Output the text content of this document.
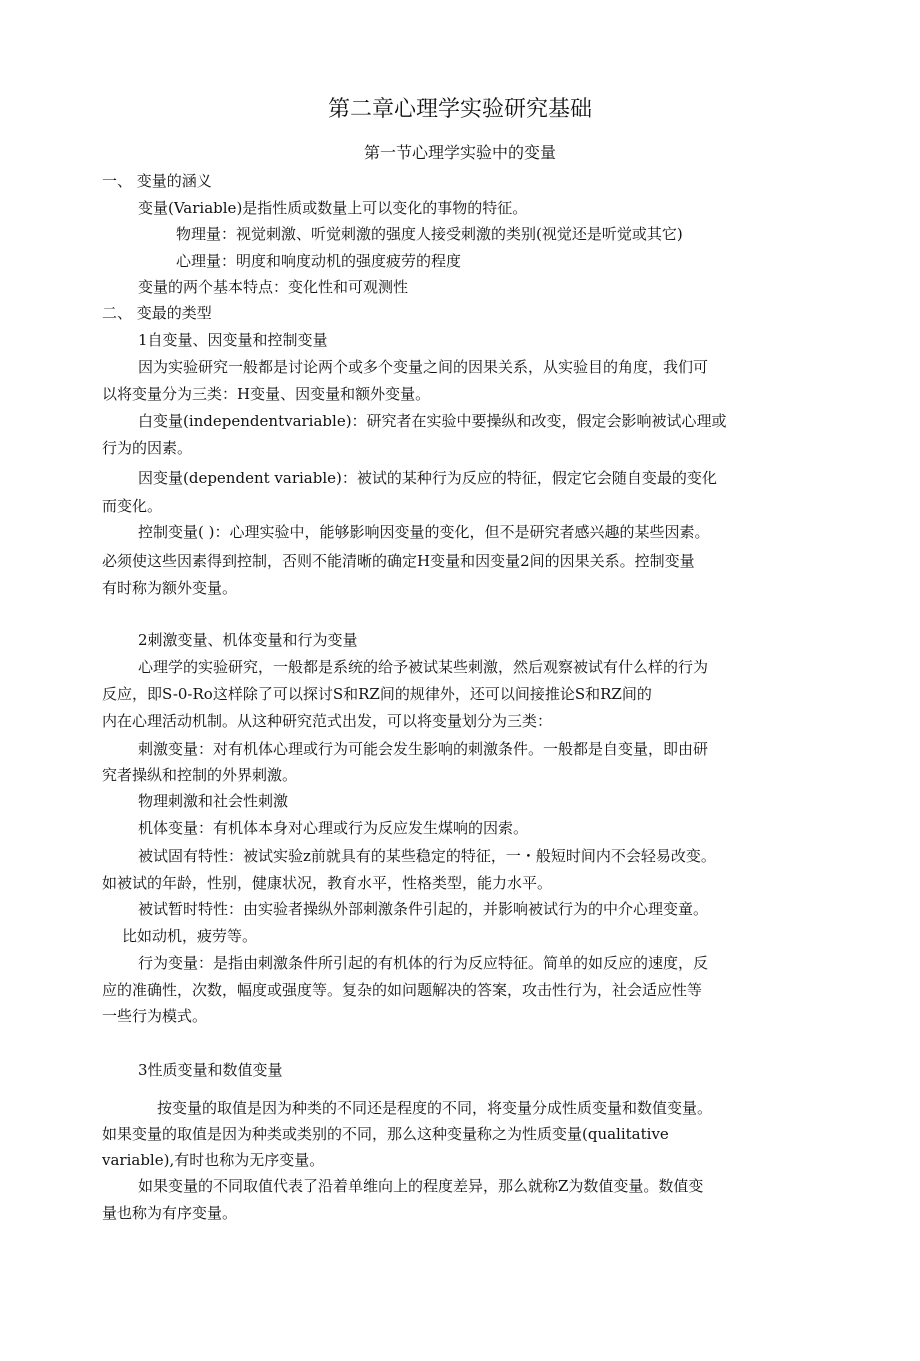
第二章心理学实验研究基础
第一节心理学实验中的变量
一、 变量的涵义
变量(Variable)是指性质或数量上可以变化的事物的特征。
物理量：视觉刺激、听觉刺激的强度人接受刺激的类别(视觉还是听觉或其它)
心理量：明度和响度动机的强度疲劳的程度
变量的两个基本特点：变化性和可观测性
二、 变最的类型
1自变量、因变量和控制变量
因为实验研究一般都是讨论两个或多个变量之间的因果关系，从实验目的角度，我们可
以将变量分为三类：H变量、因变量和额外变量。
白变量(independentvariable)：研究者在实验中要操纵和改变，假定会影响被试心理或
行为的因素。
因变量(dependent variable)：被试的某种行为反应的特征，假定它会随自变最的变化
而变化。
控制变量( )：心理实验中，能够影响因变量的变化，但不是研究者感兴趣的某些因素。
必须使这些因素得到控制，否则不能清晰的确定H变量和因变量2间的因果关系。控制变量
有时称为额外变量。
2刺激变量、机体变量和行为变量
心理学的实验研究，一般都是系统的给予被试某些刺激，然后观察被试有什么样的行为
反应，即S-0-Ro这样除了可以探讨S和RZ间的规律外，还可以间接推论S和RZ间的
内在心理活动机制。从这种研究范式出发，可以将变量划分为三类：
刺激变量：对有机体心理或行为可能会发生影响的刺激条件。一般都是自变量，即由研
究者操纵和控制的外界刺激。
物理刺激和社会性刺激
机体变量：有机体本身对心理或行为反应发生煤响的因索。
被试固有特性：被试实验z前就具有的某些稳定的特征，一・般短时间内不会轻易改变。
如被试的年龄，性别，健康状况，教育水平，性格类型，能力水平。
被试暂时特性：由实验者操纵外部刺激条件引起的，并影响被试行为的中介心理变童。
比如动机，疲劳等。
行为变量：是指由刺激条件所引起的有机体的行为反应特征。简单的如反应的速度，反
应的准确性，次数，幅度或强度等。复杂的如问题解决的答案，攻击性行为，社会适应性等
一些行为模式。
3性质变量和数值变量
按变量的取值是因为种类的不同还是程度的不同，将变量分成性质变量和数值变量。
如果变量的取值是因为种类或类别的不同，那么这种变量称之为性质变量(qualitative
variable),有时也称为无序变量。
如果变量的不同取值代表了沿着单维向上的程度差异，那么就称Z为数值变量。数值变
量也称为有序变量。
